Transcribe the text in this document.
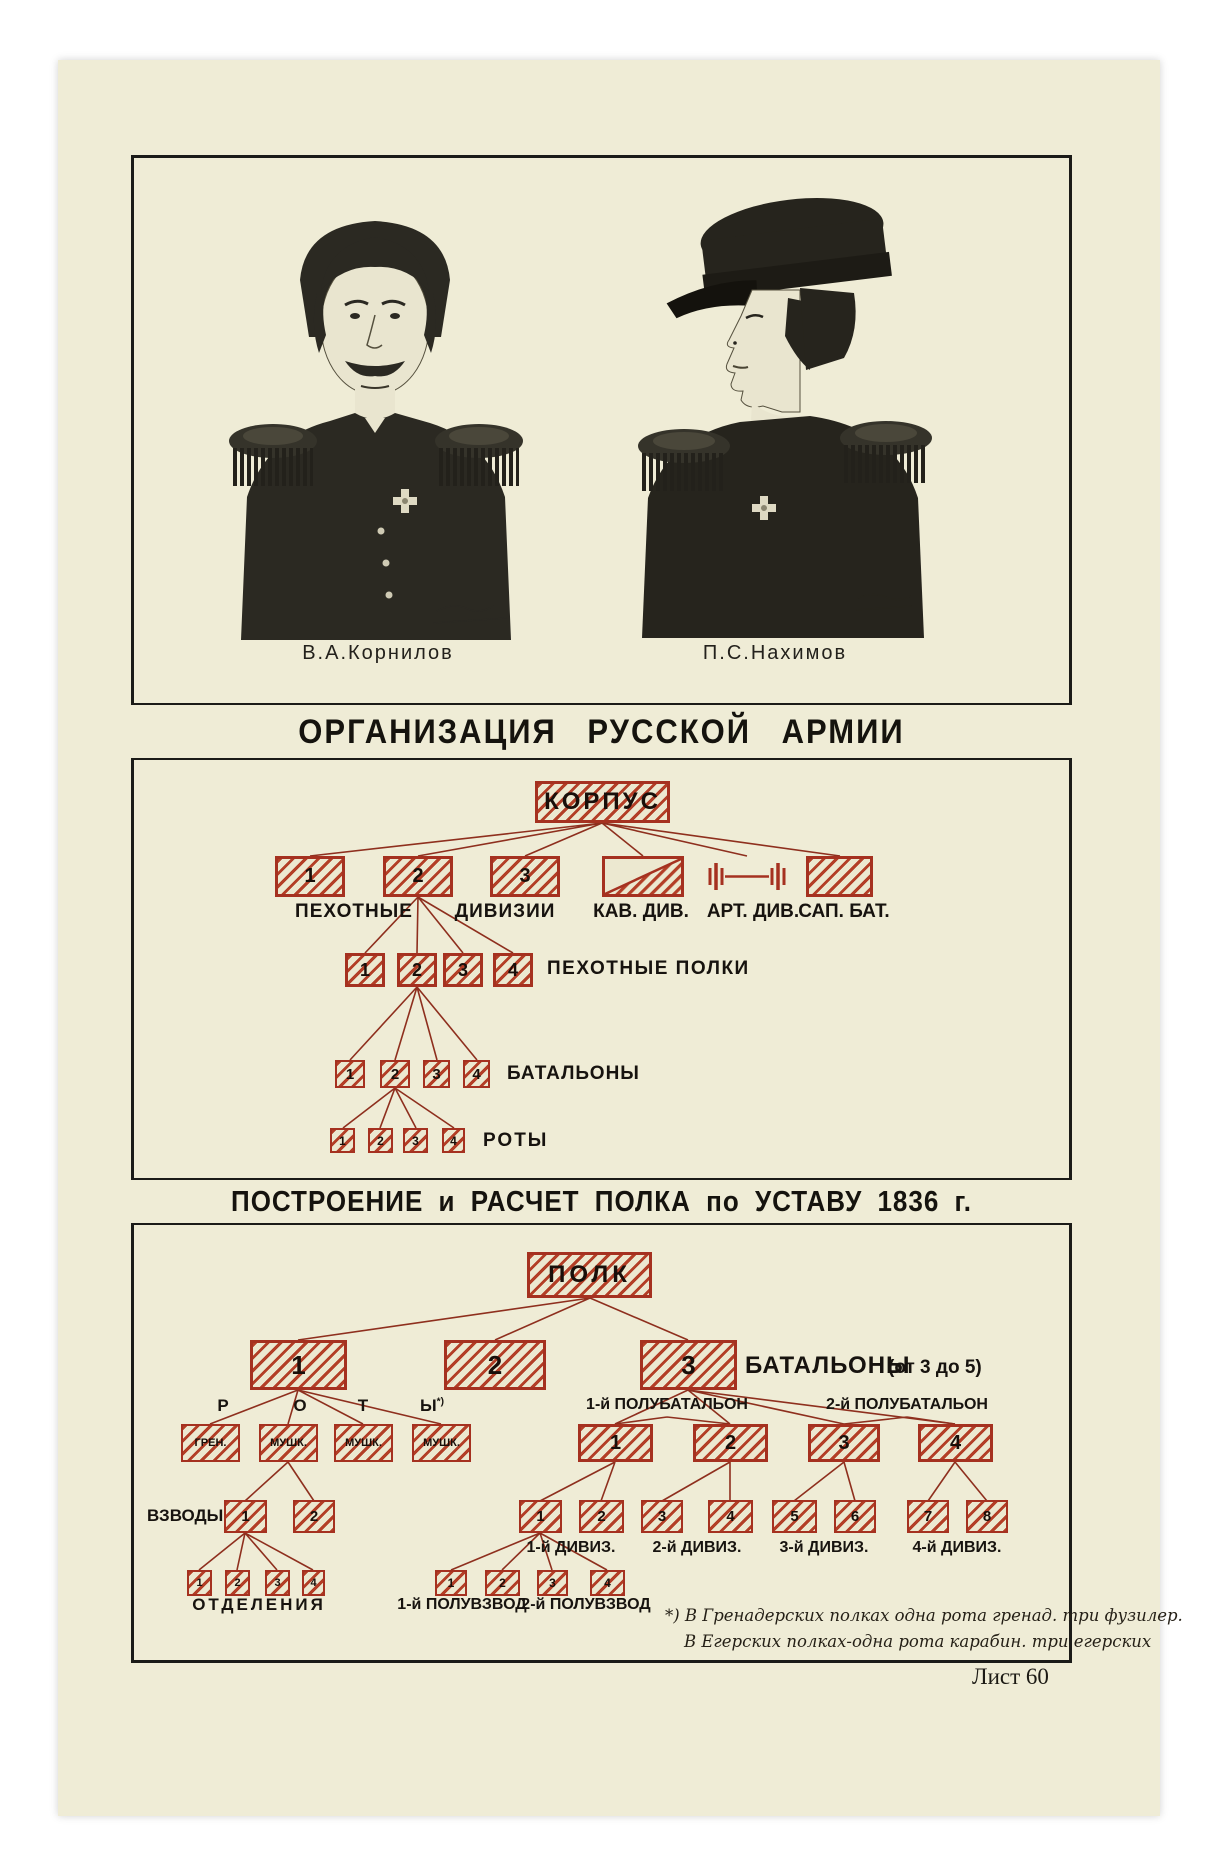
В.А.Корнилов	П.С.Нахимов
ОРГАНИЗАЦИЯ РУССКОЙ АРМИИ
КОРПУС
1	2	3
ПЕХОТНЫЕ ДИВИЗИИ КАВ. ДИВ. АРТ. ДИВ. САП. БАТ.
1	2	3	4	ПЕХОТНЫЕ ПОЛКИ
1	2	3	4	БАТАЛЬОНЫ
1	2	3	4	РОТЫ
ПОСТРОЕНИЕ и РАСЧЕТ ПОЛКА по УСТАВУ 1836 г.
ПОЛК
1	2	3	БАТАЛЬОНЫ
(от 3 до 5)
Р	О	Т	Ы*)	1-й ПОЛУБАТАЛЬОН	2-й ПОЛУБАТАЛЬОН
ГРЕН.	МУШК.	МУШК.	МУШК.	1	2	3	4
ВЗВОДЫ	1	2	1	2	3	4	5	6	7	8
1-й ДИВИЗ. 2-й ДИВИЗ. 3-й ДИВИЗ.	4-й ДИВИЗ.
1	2	3	4
ОТДЕЛЕНИЯ
1	2	3	4
1-й ПОЛУВЗВОД
2-й ПОЛУВЗВОД
*) В Гренадерских полках одна рота гренад. три фузилер.
В Егерских полках-одна рота карабин. три егерских
Лист 60
